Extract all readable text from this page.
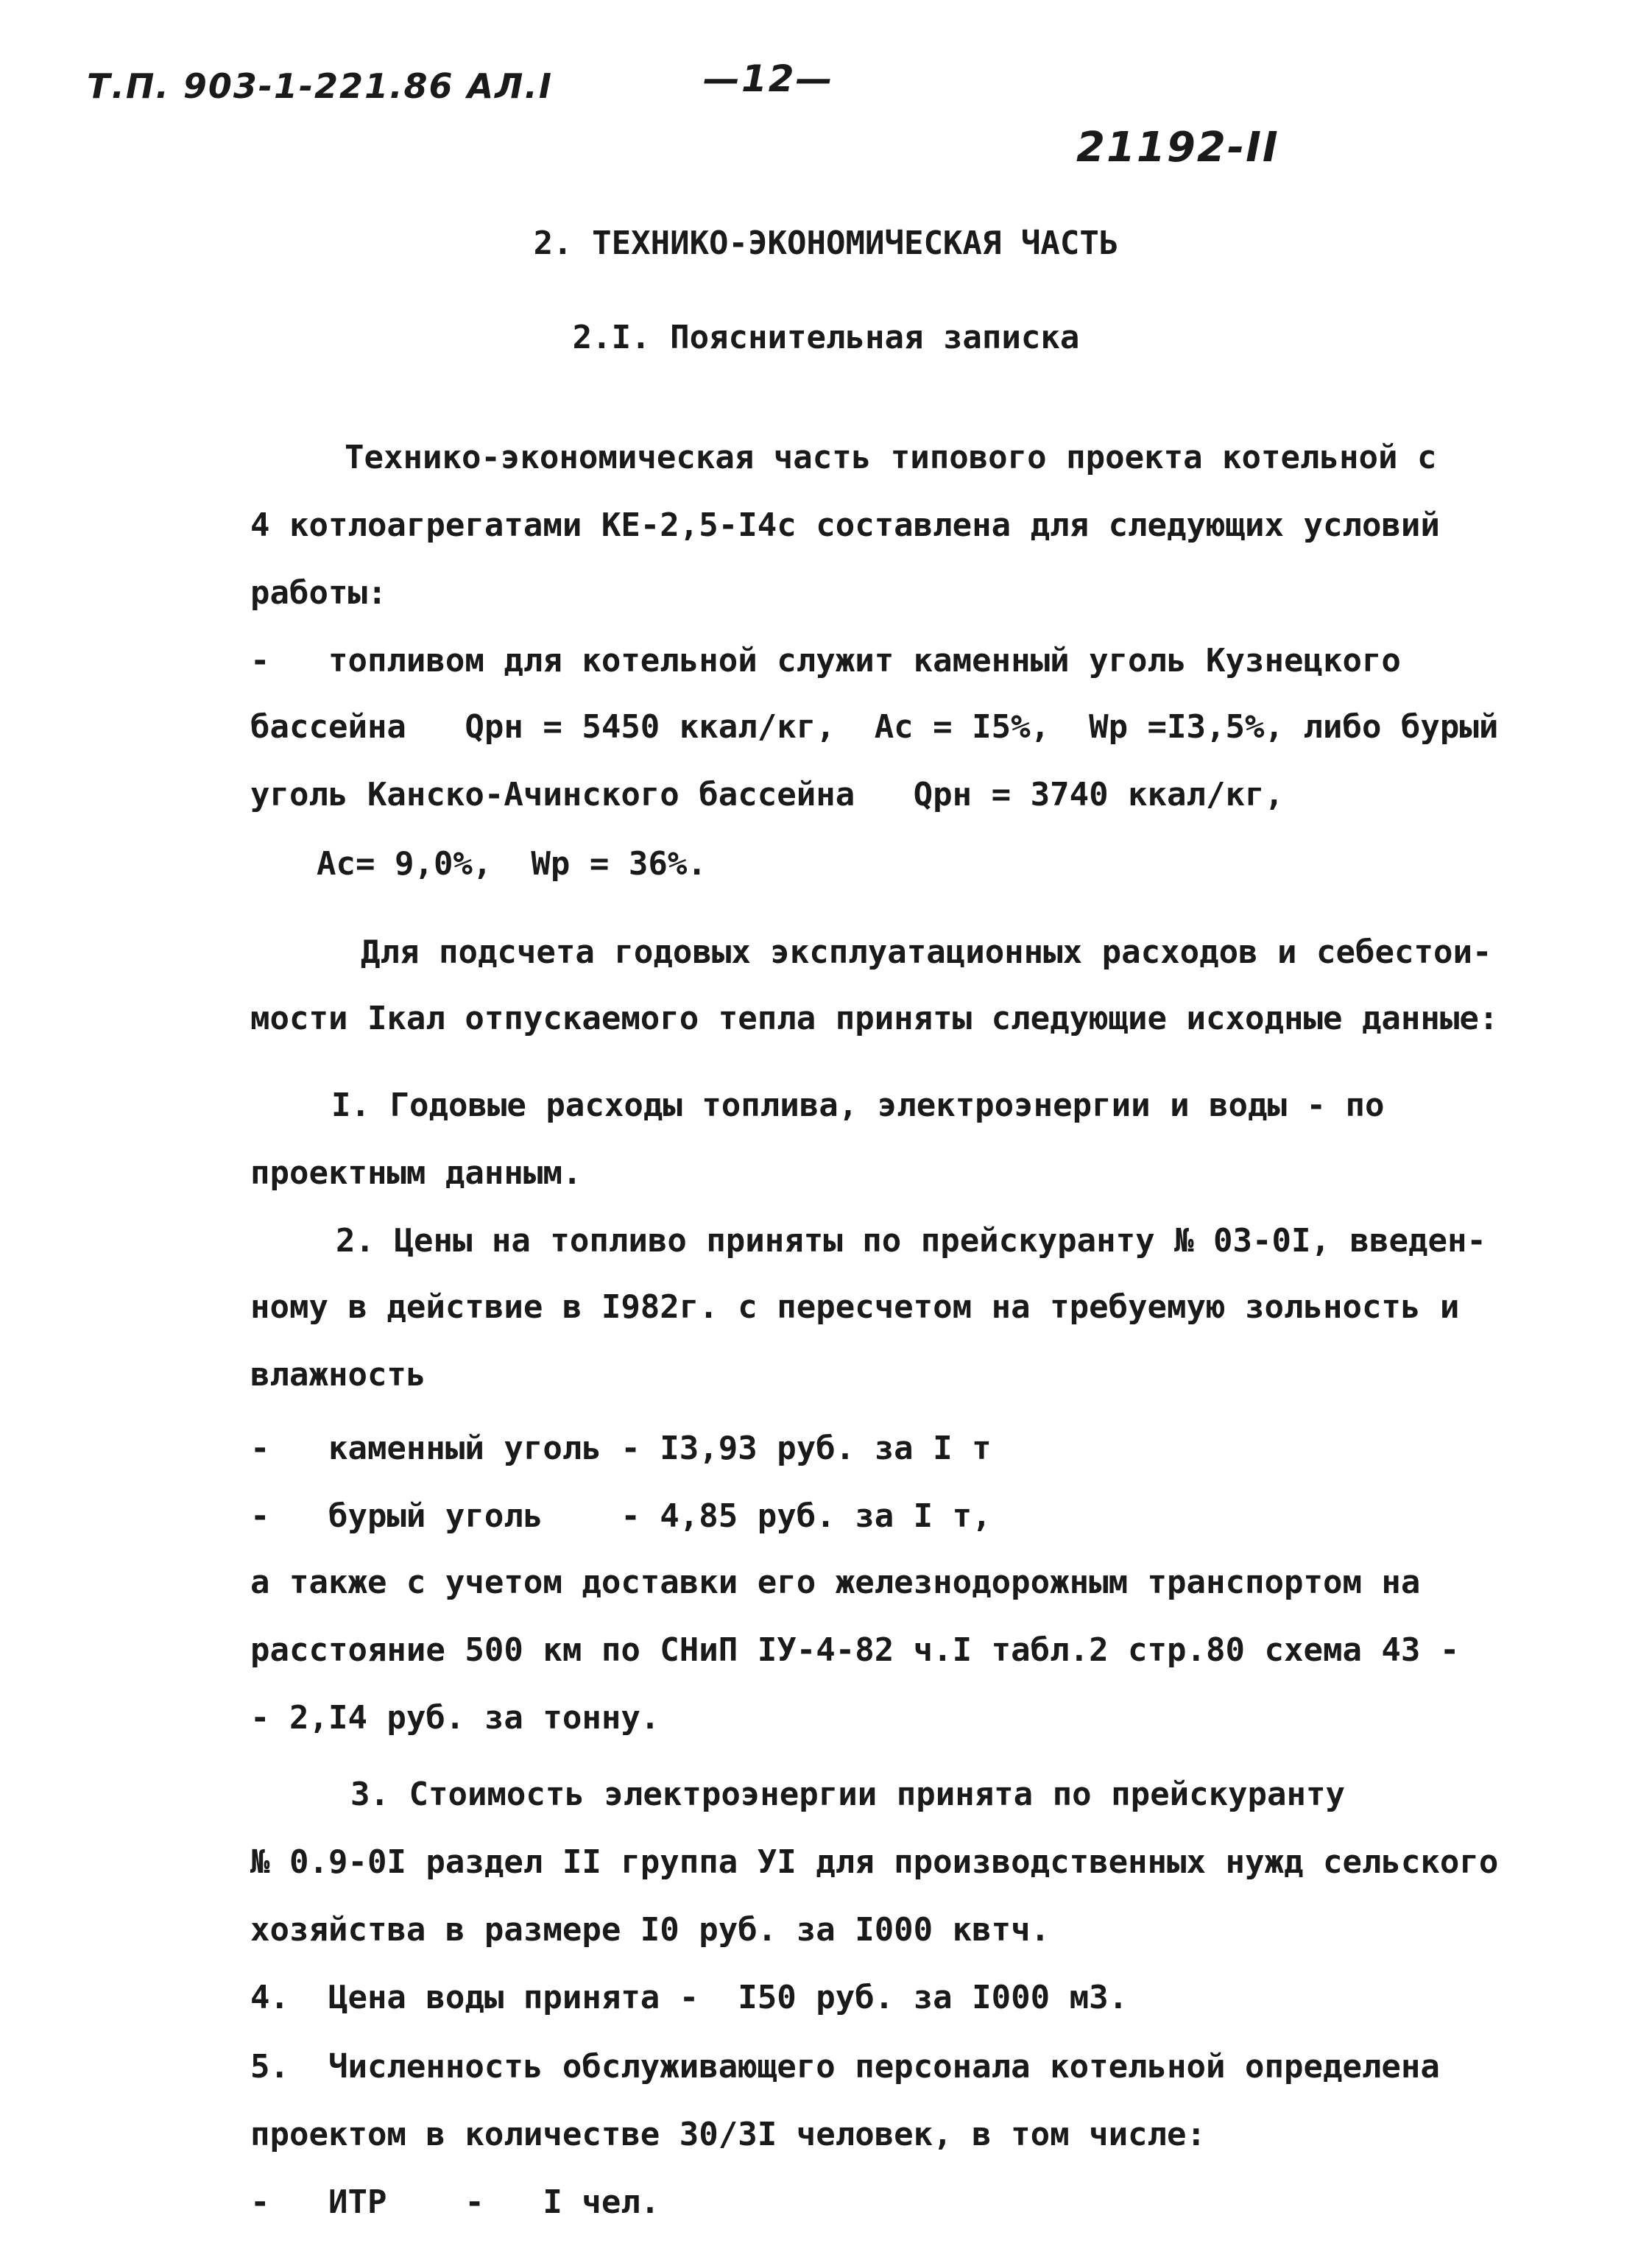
Т.П. 903-1-221.86 АЛ.I	—12—
21192-II
2. ТЕХНИКО-ЭКОНОМИЧЕСКАЯ ЧАСТЬ
2.I. Пояснительная записка
Технико-экономическая часть типового проекта котельной с
4 котлоагрегатами КЕ-2,5-I4с составлена для следующих условий
работы:
-   топливом для котельной служит каменный уголь Кузнецкого
бассейна   Qрн = 5450 ккал/кг,  Ас = I5%,  Wр =I3,5%, либо бурый
уголь Канско-Ачинского бассейна   Qрн = 3740 ккал/кг,
Ас= 9,0%,  Wр = 36%.
Для подсчета годовых эксплуатационных расходов и себестои-
мости Iкал отпускаемого тепла приняты следующие исходные данные:
I. Годовые расходы топлива, электроэнергии и воды - по
проектным данным.
2. Цены на топливо приняты по прейскуранту № 03-0I, введен-
ному в действие в I982г. с пересчетом на требуемую зольность и
влажность
-   каменный уголь - I3,93 руб. за I т
-   бурый уголь    - 4,85 руб. за I т,
а также с учетом доставки его железнодорожным транспортом на
расстояние 500 км по СНиП IУ-4-82 ч.I табл.2 стр.80 схема 43 -
- 2,I4 руб. за тонну.
3. Стоимость электроэнергии принята по прейскуранту
№ 0.9-0I раздел II группа УI для производственных нужд сельского
хозяйства в размере I0 руб. за I000 квтч.
4.  Цена воды принята -  I50 руб. за I000 м3.
5.  Численность обслуживающего персонала котельной определена
проектом в количестве 30/3I человек, в том числе:
-   ИТР    -   I чел.
